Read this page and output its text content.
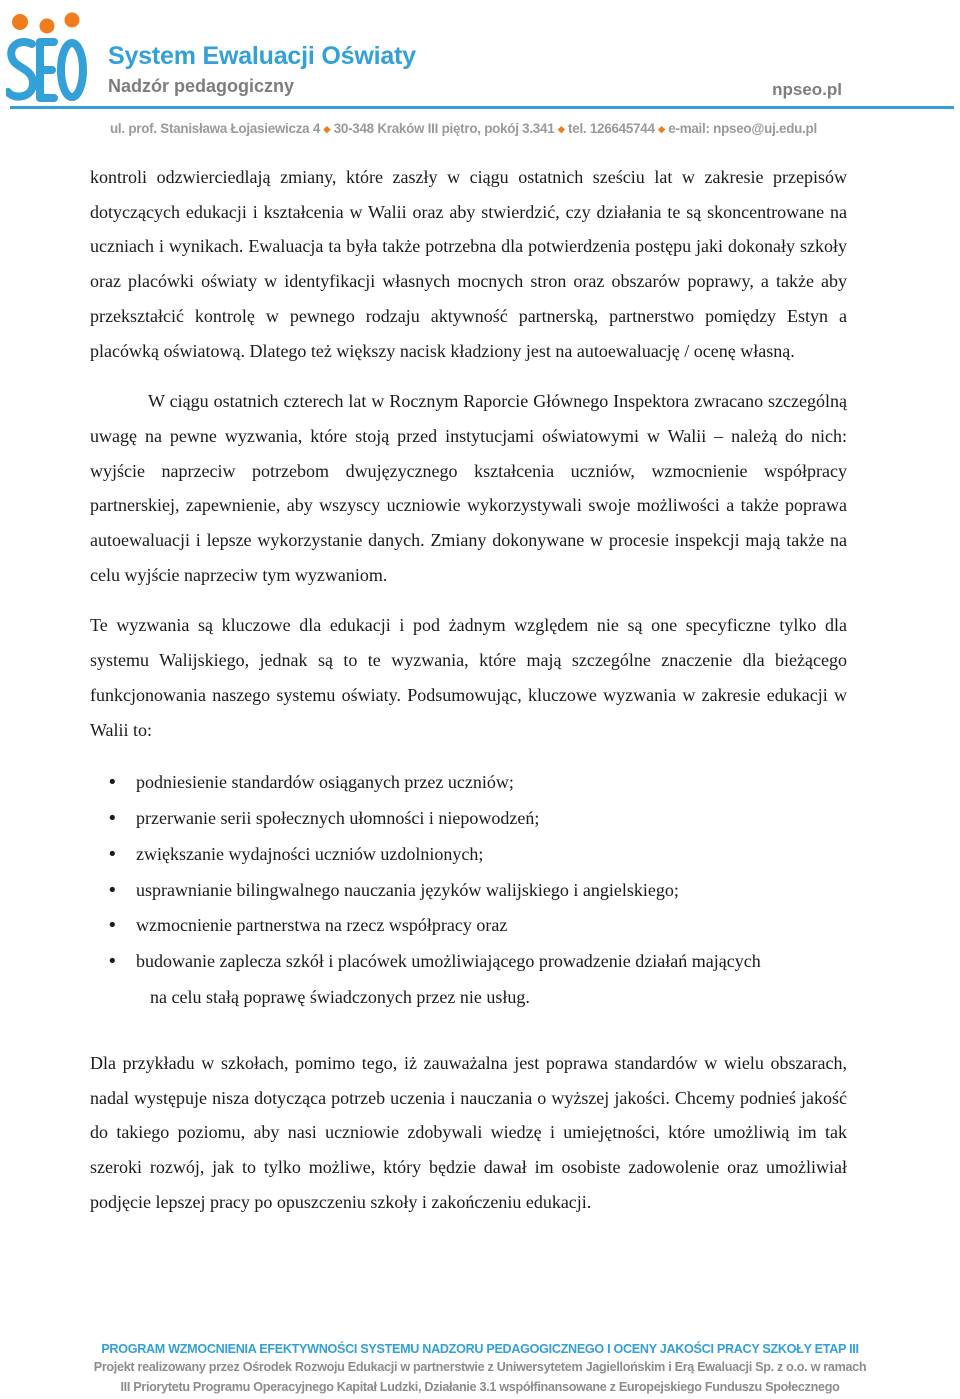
System Ewaluacji Oświaty
Nadzór pedagogiczny	npseo.pl
ul. prof. Stanisława Łojasiewicza 4 ◆ 30-348 Kraków III piętro, pokój 3.341 ◆ tel. 126645744 ◆ e-mail: npseo@uj.edu.pl

kontroli odzwierciedlają zmiany, które zaszły w ciągu ostatnich sześciu lat w zakresie przepisów dotyczących edukacji i kształcenia w Walii oraz aby stwierdzić, czy działania te są skoncentrowane na uczniach i wynikach. Ewaluacja ta była także potrzebna dla potwierdzenia postępu jaki dokonały szkoły oraz placówki oświaty w identyfikacji własnych mocnych stron oraz obszarów poprawy, a także aby przekształcić kontrolę w pewnego rodzaju aktywność partnerską, partnerstwo pomiędzy Estyn a placówką oświatową. Dlatego też większy nacisk kładziony jest na autoewaluację / ocenę własną.

W ciągu ostatnich czterech lat w Rocznym Raporcie Głównego Inspektora zwracano szczególną uwagę na pewne wyzwania, które stoją przed instytucjami oświatowymi w Walii – należą do nich: wyjście naprzeciw potrzebom dwujęzycznego kształcenia uczniów, wzmocnienie współpracy partnerskiej, zapewnienie, aby wszyscy uczniowie wykorzystywali swoje możliwości a także poprawa autoewaluacji i lepsze wykorzystanie danych. Zmiany dokonywane w procesie inspekcji mają także na celu wyjście naprzeciw tym wyzwaniom.

Te wyzwania są kluczowe dla edukacji i pod żadnym względem nie są one specyficzne tylko dla systemu Walijskiego, jednak są to te wyzwania, które mają szczególne znaczenie dla bieżącego funkcjonowania naszego systemu oświaty. Podsumowując, kluczowe wyzwania w zakresie edukacji w Walii to:

• podniesienie standardów osiąganych przez uczniów;
• przerwanie serii społecznych ułomności i niepowodzeń;
• zwiększanie wydajności uczniów uzdolnionych;
• usprawnianie bilingwalnego nauczania języków walijskiego i angielskiego;
• wzmocnienie partnerstwa na rzecz współpracy oraz
• budowanie zaplecza szkół i placówek umożliwiającego prowadzenie działań mających
na celu stałą poprawę świadczonych przez nie usług.

Dla przykładu w szkołach, pomimo tego, iż zauważalna jest poprawa standardów w wielu obszarach, nadal występuje nisza dotycząca potrzeb uczenia i nauczania o wyższej jakości. Chcemy podnieś jakość do takiego poziomu, aby nasi uczniowie zdobywali wiedzę i umiejętności, które umożliwią im tak szeroki rozwój, jak to tylko możliwe, który będzie dawał im osobiste zadowolenie oraz umożliwiał podjęcie lepszej pracy po opuszczeniu szkoły i zakończeniu edukacji.

PROGRAM WZMOCNIENIA EFEKTYWNOŚCI SYSTEMU NADZORU PEDAGOGICZNEGO I OCENY JAKOŚCI PRACY SZKOŁY ETAP III
Projekt realizowany przez Ośrodek Rozwoju Edukacji w partnerstwie z Uniwersytetem Jagiellońskim i Erą Ewaluacji Sp. z o.o. w ramach
III Priorytetu Programu Operacyjnego Kapitał Ludzki, Działanie 3.1 współfinansowane z Europejskiego Funduszu Społecznego
